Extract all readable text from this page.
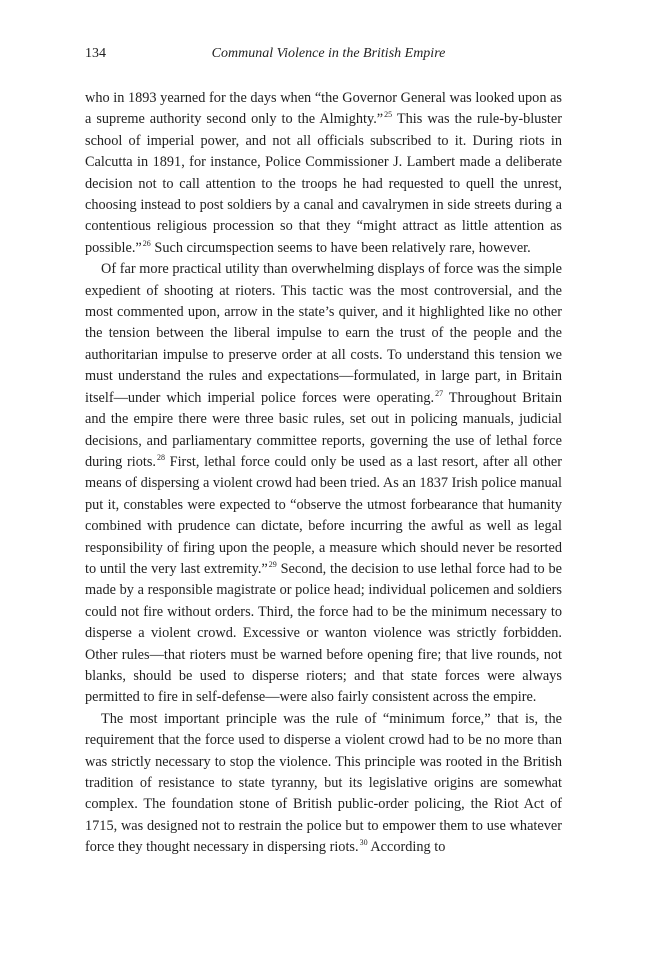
134	Communal Violence in the British Empire

who in 1893 yearned for the days when “the Governor General was looked upon as a supreme authority second only to the Almighty.”$^{25}$ This was the rule-by-bluster school of imperial power, and not all officials subscribed to it. During riots in Calcutta in 1891, for instance, Police Commissioner J. Lambert made a deliberate decision not to call attention to the troops he had requested to quell the unrest, choosing instead to post soldiers by a canal and cavalrymen in side streets during a contentious religious procession so that they “might attract as little attention as possible.”$^{26}$ Such circumspection seems to have been relatively rare, however.

Of far more practical utility than overwhelming displays of force was the simple expedient of shooting at rioters. This tactic was the most controversial, and the most commented upon, arrow in the state’s quiver, and it highlighted like no other the tension between the liberal impulse to earn the trust of the people and the authoritarian impulse to preserve order at all costs. To understand this tension we must understand the rules and expectations—formulated, in large part, in Britain itself—under which imperial police forces were operating.$^{27}$ Throughout Britain and the empire there were three basic rules, set out in policing manuals, judicial decisions, and parliamentary committee reports, governing the use of lethal force during riots.$^{28}$ First, lethal force could only be used as a last resort, after all other means of dispersing a violent crowd had been tried. As an 1837 Irish police manual put it, constables were expected to “observe the utmost forbearance that humanity combined with prudence can dictate, before incurring the awful as well as legal responsibility of firing upon the people, a measure which should never be resorted to until the very last extremity.”$^{29}$ Second, the decision to use lethal force had to be made by a responsible magistrate or police head; individual policemen and soldiers could not fire without orders. Third, the force had to be the minimum necessary to disperse a violent crowd. Excessive or wanton violence was strictly forbidden. Other rules—that rioters must be warned before opening fire; that live rounds, not blanks, should be used to disperse rioters; and that state forces were always permitted to fire in self-defense—were also fairly consistent across the empire.

The most important principle was the rule of “minimum force,” that is, the requirement that the force used to disperse a violent crowd had to be no more than was strictly necessary to stop the violence. This principle was rooted in the British tradition of resistance to state tyranny, but its legislative origins are somewhat complex. The foundation stone of British public-order policing, the Riot Act of 1715, was designed not to restrain the police but to empower them to use whatever force they thought necessary in dispersing riots.$^{30}$ According to
